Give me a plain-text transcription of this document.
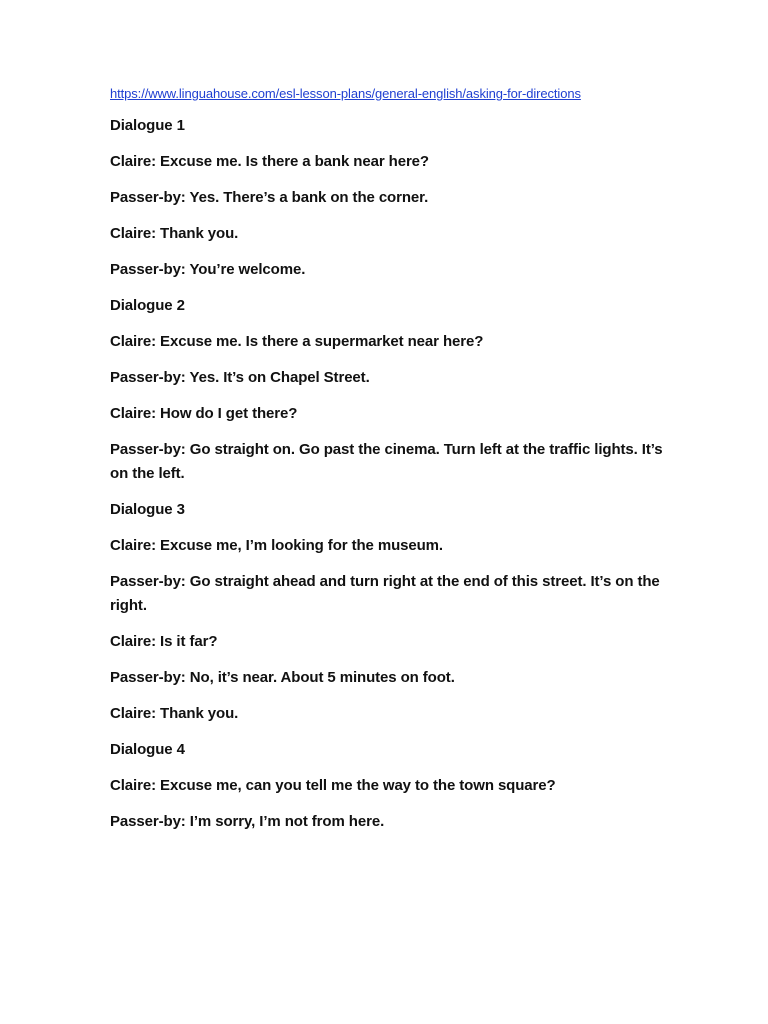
https://www.linguahouse.com/esl-lesson-plans/general-english/asking-for-directions

Dialogue 1

Claire: Excuse me. Is there a bank near here?

Passer-by: Yes. There’s a bank on the corner.

Claire: Thank you.

Passer-by: You’re welcome.

Dialogue 2

Claire: Excuse me. Is there a supermarket near here?

Passer-by: Yes. It’s on Chapel Street.

Claire: How do I get there?

Passer-by: Go straight on. Go past the cinema. Turn left at the traffic lights. It’s on the left.

Dialogue 3

Claire: Excuse me, I’m looking for the museum.

Passer-by: Go straight ahead and turn right at the end of this street. It’s on the right.

Claire: Is it far?

Passer-by: No, it’s near. About 5 minutes on foot.

Claire: Thank you.

Dialogue 4

Claire: Excuse me, can you tell me the way to the town square?

Passer-by: I’m sorry, I’m not from here.
